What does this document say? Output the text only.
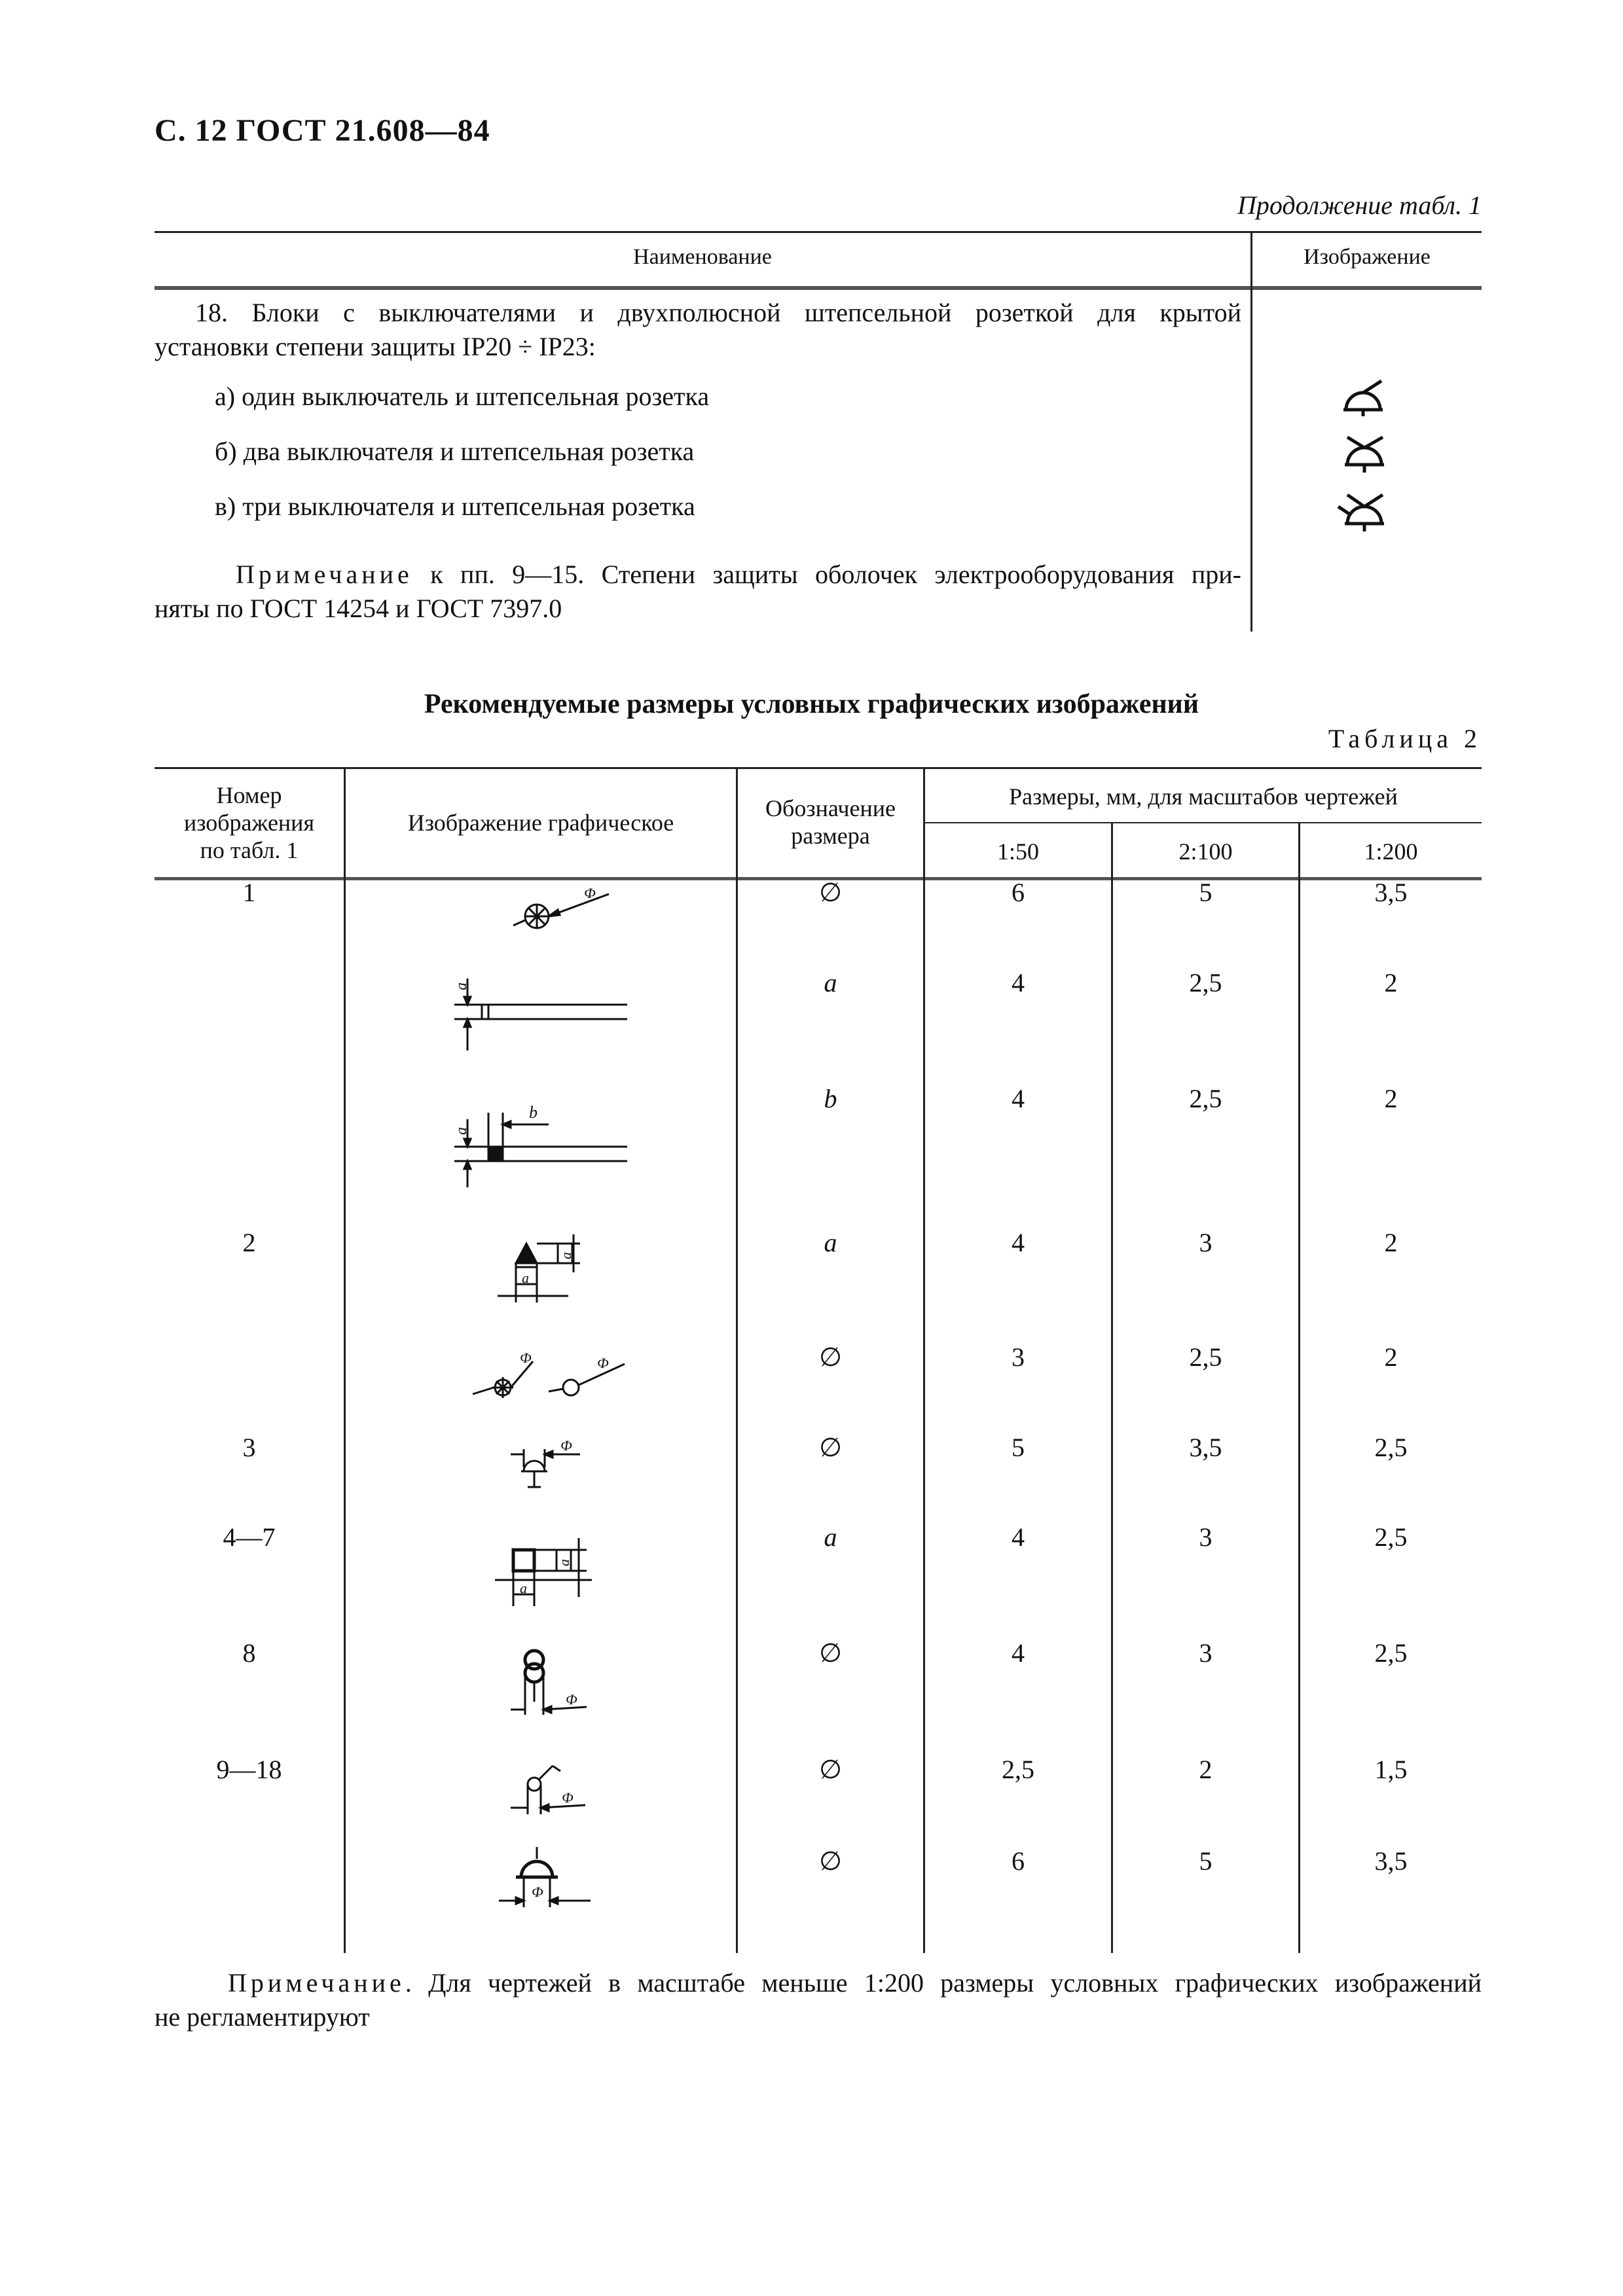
С. 12 ГОСТ 21.608—84
Продолжение табл. 1
Наименование	Изображение
18. Блоки с выключателями и двухполюсной штепсельной розеткой для крытой
установки степени защиты IP20 ÷ IP23:
а) один выключатель и штепсельная розетка
б) два выключателя и штепсельная розетка
в) три выключателя и штепсельная розетка
Примечание к пп. 9—15. Степени защиты оболочек электрооборудования при-
няты по ГОСТ 14254 и ГОСТ 7397.0
Рекомендуемые размеры условных графических изображений
Таблица 2
Номер
изображения
по табл. 1
Изображение графическое
Обозначение
размера
Размеры, мм, для масштабов чертежей
1:50	2:100	1:200
1	∅	6	5	3,5
a	4	2,5	2
b	4	2,5	2
2	a	4	3	2
∅	3	2,5	2
3	∅	5	3,5	2,5
4—7	a	4	3	2,5
8	∅	4	3	2,5
9—18	∅	2,5	2	1,5
∅	6	5	3,5
Ф
a
a
b
a
a
Ф	Ф
Ф
a
a
Ф
Ф
Ф
Примечание. Для чертежей в масштабе меньше 1:200 размеры условных графических изображений
не регламентируют
